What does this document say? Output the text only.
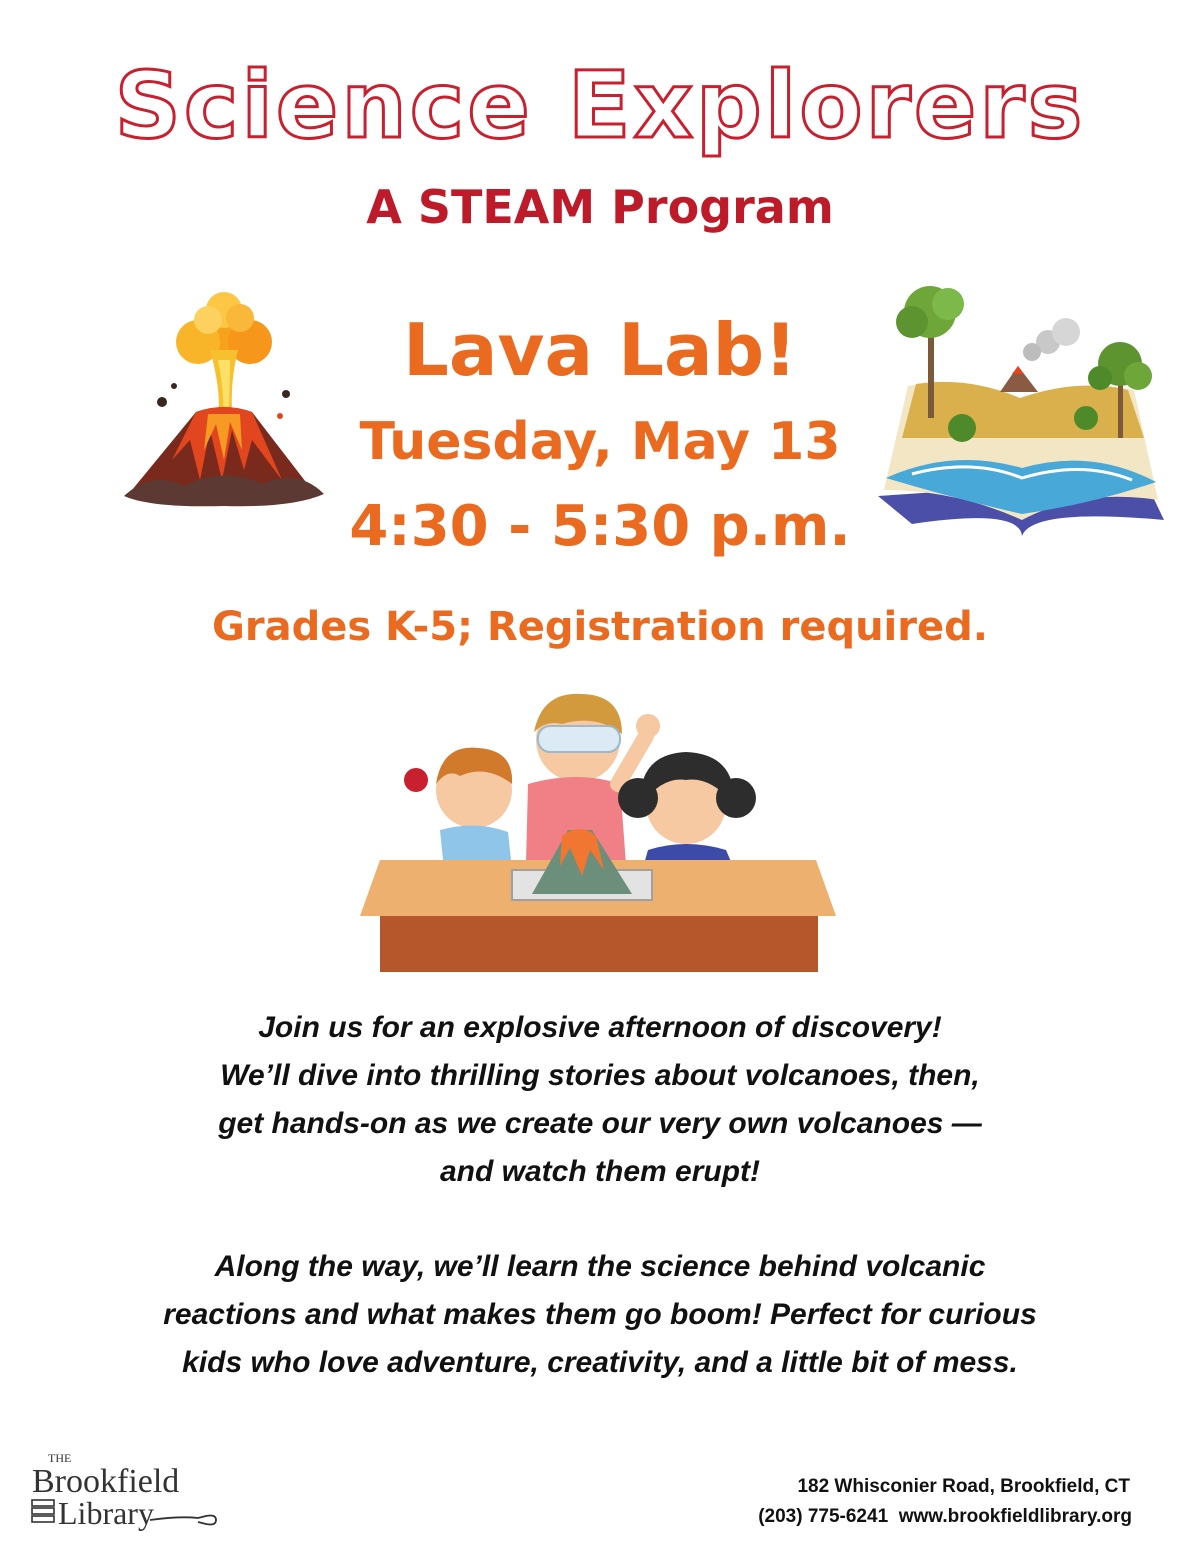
Science Explorers
A STEAM Program
Lava Lab!
Tuesday, May 13
4:30 - 5:30 p.m.
Grades K-5; Registration required.

Join us for an explosive afternoon of discovery!
We’ll dive into thrilling stories about volcanoes, then,
get hands-on as we create our very own volcanoes —
and watch them erupt!

Along the way, we’ll learn the science behind volcanic
reactions and what makes them go boom! Perfect for curious
kids who love adventure, creativity, and a little bit of mess.

THE
Brookfield
Library
182 Whisconier Road, Brookfield, CT
(203) 775-6241  www.brookfieldlibrary.org
